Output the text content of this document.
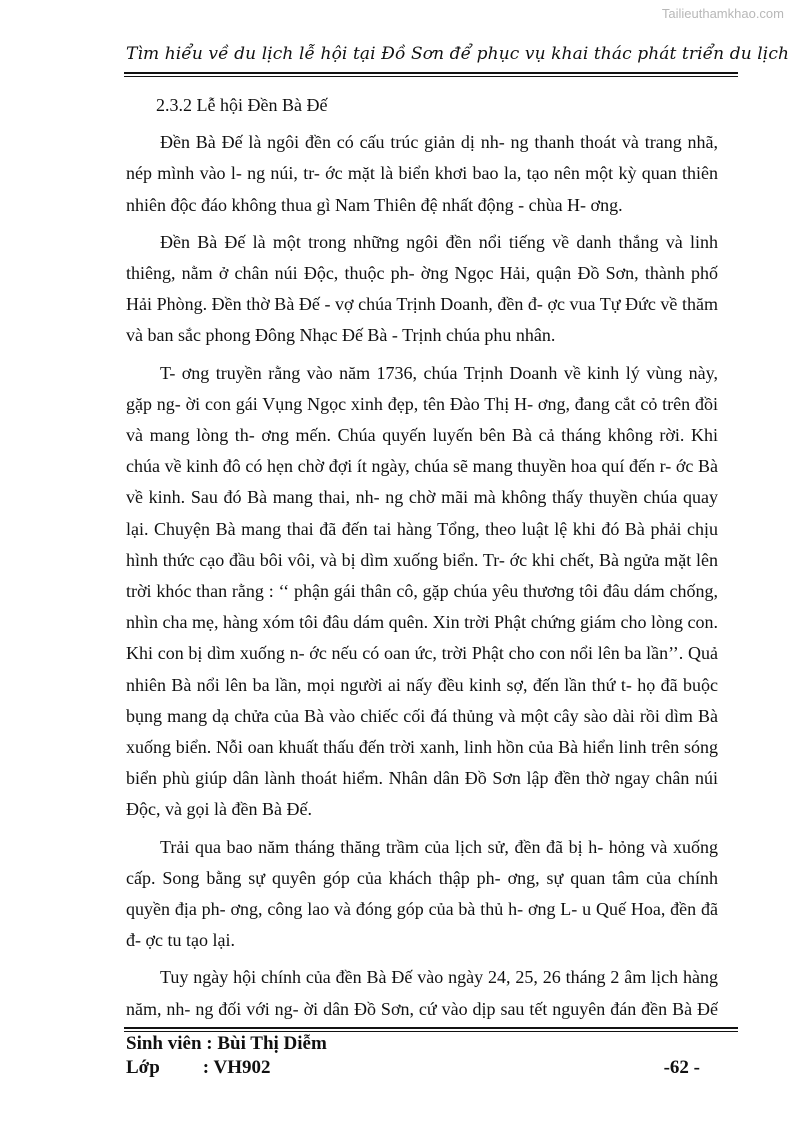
Tailieuthamkhao.com
Tìm hiểu về du lịch lễ hội tại Đồ Sơn để phục vụ khai thác phát triển du lịch

2.3.2 Lễ hội Đền Bà Đế

Đền Bà Đế là ngôi đền có cấu trúc giản dị nh- ng thanh thoát và trang nhã, nép mình vào l- ng núi, tr- ớc mặt là biển khơi bao la, tạo nên một kỳ quan thiên nhiên độc đáo không thua gì Nam Thiên đệ nhất động - chùa H- ơng.

Đền Bà Đế là một trong những ngôi đền nổi tiếng về danh thắng và linh thiêng, nằm ở chân núi Độc, thuộc ph- ờng Ngọc Hải, quận Đồ Sơn, thành phố Hải Phòng. Đền thờ Bà Đế - vợ chúa Trịnh Doanh, đền đ- ợc vua Tự Đức về thăm và ban sắc phong Đông Nhạc Đế Bà - Trịnh chúa phu nhân.

T- ơng truyền rằng vào năm 1736, chúa Trịnh Doanh về kinh lý vùng này, gặp ng- ời con gái Vụng Ngọc xinh đẹp, tên Đào Thị H- ơng, đang cắt cỏ trên đồi và mang lòng th- ơng mến. Chúa quyến luyến bên Bà cả tháng không rời. Khi chúa về kinh đô có hẹn chờ đợi ít ngày, chúa sẽ mang thuyền hoa quí đến r- ớc Bà về kinh. Sau đó Bà mang thai, nh- ng chờ mãi mà không thấy thuyền chúa quay lại. Chuyện Bà mang thai đã đến tai hàng Tổng, theo luật lệ khi đó Bà phải chịu hình thức cạo đầu bôi vôi, và bị dìm xuống biển. Tr- ớc khi chết, Bà ngửa mặt lên trời khóc than rằng : ‘‘ phận gái thân cô, gặp chúa yêu thương tôi đâu dám chống, nhìn cha mẹ, hàng xóm tôi đâu dám quên. Xin trời Phật chứng giám cho lòng con. Khi con bị dìm xuống n- ớc nếu có oan ức, trời Phật cho con nổi lên ba lần’’. Quả nhiên Bà nổi lên ba lần, mọi người ai nấy đều kinh sợ, đến lần thứ t- họ đã buộc bụng mang dạ chửa của Bà vào chiếc cối đá thủng và một cây sào dài rồi dìm Bà xuống biển. Nỗi oan khuất thấu đến trời xanh, linh hồn của Bà hiển linh trên sóng biển phù giúp dân lành thoát hiểm. Nhân dân Đồ Sơn lập đền thờ ngay chân núi Độc, và gọi là đền Bà Đế.

Trải qua bao năm tháng thăng trầm của lịch sử, đền đã bị h- hỏng và xuống cấp. Song bằng sự quyên góp của khách thập ph- ơng, sự quan tâm của chính quyền địa ph- ơng, công lao và đóng góp của bà thủ h- ơng L- u Quế Hoa, đền đã đ- ợc tu tạo lại.

Tuy ngày hội chính của đền Bà Đế vào ngày 24, 25, 26 tháng 2 âm lịch hàng năm, nh- ng đối với ng- ời dân Đồ Sơn, cứ vào dịp sau tết nguyên đán đền Bà Đế

Sinh viên : Bùi Thị Diễm
Lớp : VH902	-62 -
